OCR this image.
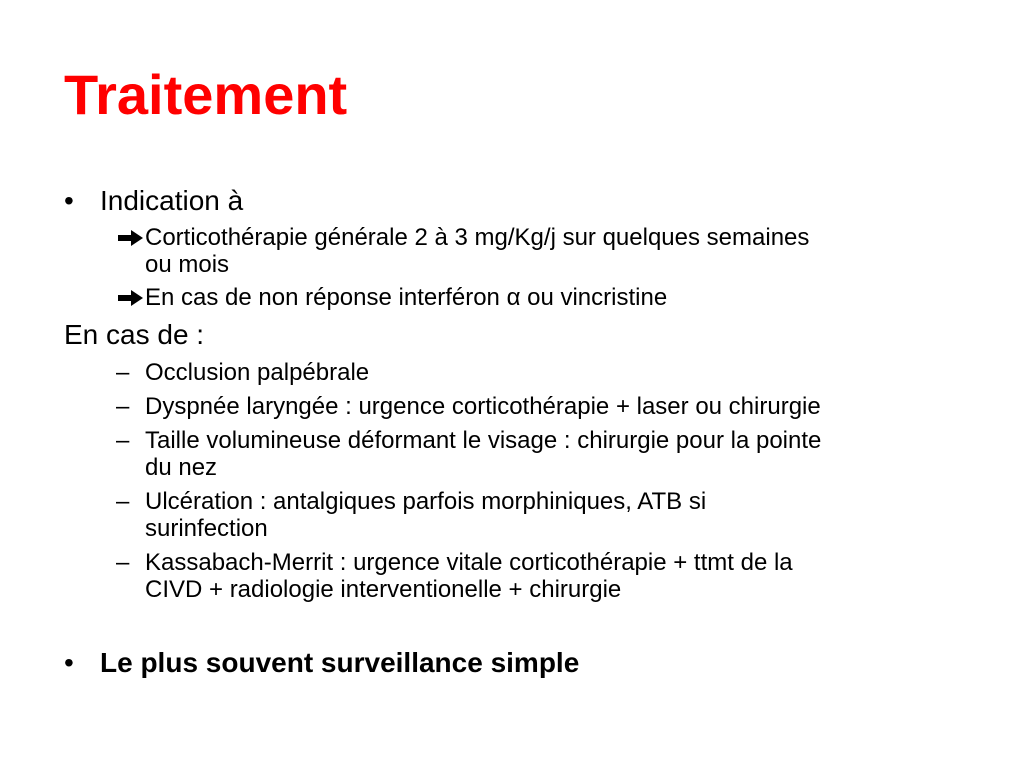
Traitement
• Indication à
Corticothérapie générale 2 à 3 mg/Kg/j sur quelques semaines
ou mois
En cas de non réponse interféron α ou vincristine
En cas de :
– Occlusion palpébrale
– Dyspnée laryngée : urgence corticothérapie + laser ou chirurgie
– Taille volumineuse déformant le visage : chirurgie pour la pointe
du nez
– Ulcération : antalgiques parfois morphiniques, ATB si
surinfection
– Kassabach-Merrit : urgence vitale corticothérapie + ttmt de la
CIVD + radiologie interventionelle + chirurgie
• Le plus souvent surveillance simple
